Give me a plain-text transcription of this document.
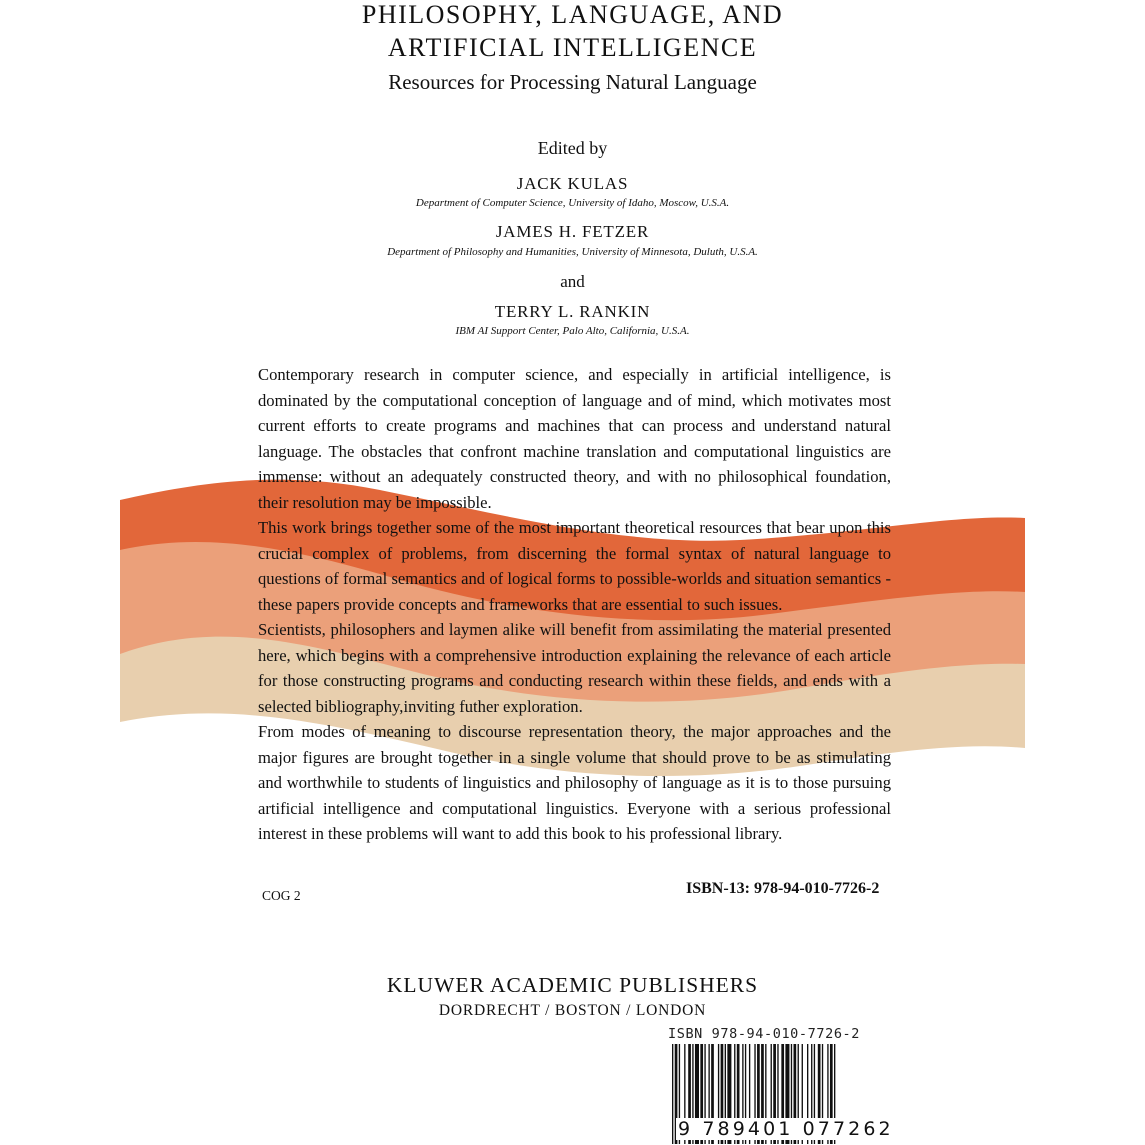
PHILOSOPHY, LANGUAGE, AND
ARTIFICIAL INTELLIGENCE
Resources for Processing Natural Language
Edited by
JACK KULAS
Department of Computer Science, University of Idaho, Moscow, U.S.A.
JAMES H. FETZER
Department of Philosophy and Humanities, University of Minnesota, Duluth, U.S.A.
and
TERRY L. RANKIN
IBM AI Support Center, Palo Alto, California, U.S.A.

Contemporary research in computer science, and especially in artificial intelligence, is dominated by the computational conception of language and of mind, which motivates most current efforts to create programs and machines that can process and understand natural language. The obstacles that confront machine translation and computational linguistics are immense: without an adequately constructed theory, and with no philosophical foundation, their resolution may be impossible.

This work brings together some of the most important theoretical resources that bear upon this crucial complex of problems, from discerning the formal syntax of natural language to questions of formal semantics and of logical forms to possible-worlds and situation semantics - these papers provide concepts and frameworks that are essential to such issues.

Scientists, philosophers and laymen alike will benefit from assimilating the material presented here, which begins with a comprehensive introduction explaining the relevance of each article for those constructing programs and conducting research within these fields, and ends with a selected bibliography,inviting futher exploration.

From modes of meaning to discourse representation theory, the major approaches and the major figures are brought together in a single volume that should prove to be as stimulating and worthwhile to students of linguistics and philosophy of language as it is to those pursuing artificial intelligence and computational linguistics. Everyone with a serious professional interest in these problems will want to add this book to his professional library.

COG 2	ISBN-13: 978-94-010-7726-2
KLUWER ACADEMIC PUBLISHERS
DORDRECHT / BOSTON / LONDON
ISBN 978-94-010-7726-2
9 789401 077262
